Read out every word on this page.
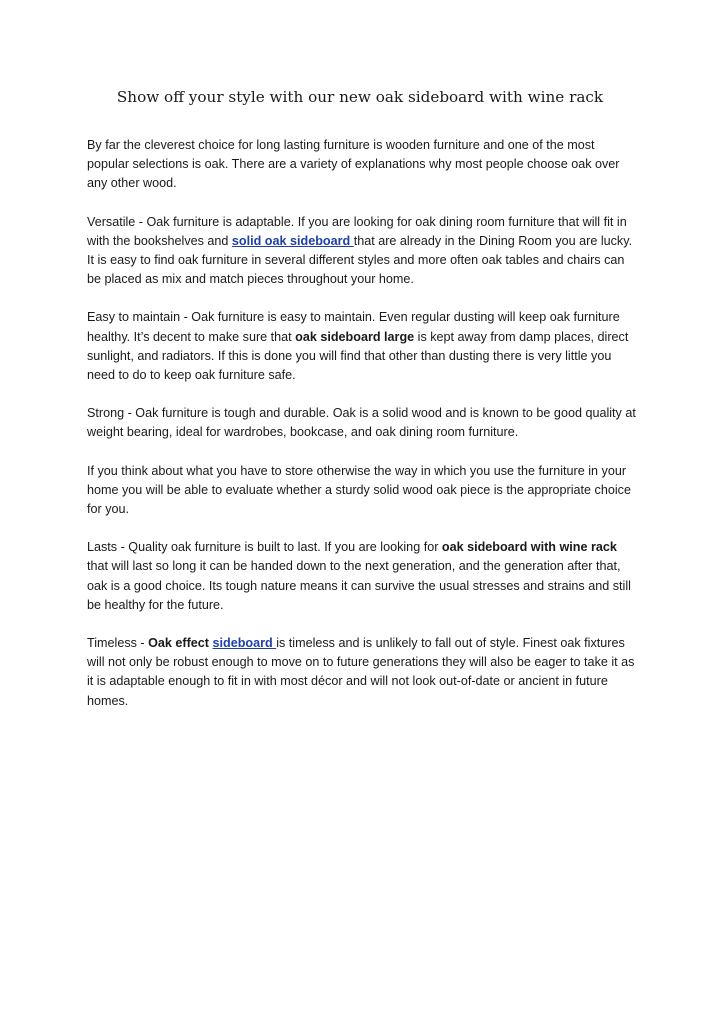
Show off your style with our new oak sideboard with wine rack

By far the cleverest choice for long lasting furniture is wooden furniture and one of the most popular selections is oak. There are a variety of explanations why most people choose oak over any other wood.

Versatile - Oak furniture is adaptable. If you are looking for oak dining room furniture that will fit in with the bookshelves and solid oak sideboard that are already in the Dining Room you are lucky. It is easy to find oak furniture in several different styles and more often oak tables and chairs can be placed as mix and match pieces throughout your home.

Easy to maintain - Oak furniture is easy to maintain. Even regular dusting will keep oak furniture healthy. It’s decent to make sure that oak sideboard large is kept away from damp places, direct sunlight, and radiators. If this is done you will find that other than dusting there is very little you need to do to keep oak furniture safe.

Strong - Oak furniture is tough and durable. Oak is a solid wood and is known to be good quality at weight bearing, ideal for wardrobes, bookcase, and oak dining room furniture.

If you think about what you have to store otherwise the way in which you use the furniture in your home you will be able to evaluate whether a sturdy solid wood oak piece is the appropriate choice for you.

Lasts - Quality oak furniture is built to last. If you are looking for oak sideboard with wine rack that will last so long it can be handed down to the next generation, and the generation after that, oak is a good choice. Its tough nature means it can survive the usual stresses and strains and still be healthy for the future.

Timeless - Oak effect sideboard is timeless and is unlikely to fall out of style. Finest oak fixtures will not only be robust enough to move on to future generations they will also be eager to take it as it is adaptable enough to fit in with most décor and will not look out-of-date or ancient in future homes.
